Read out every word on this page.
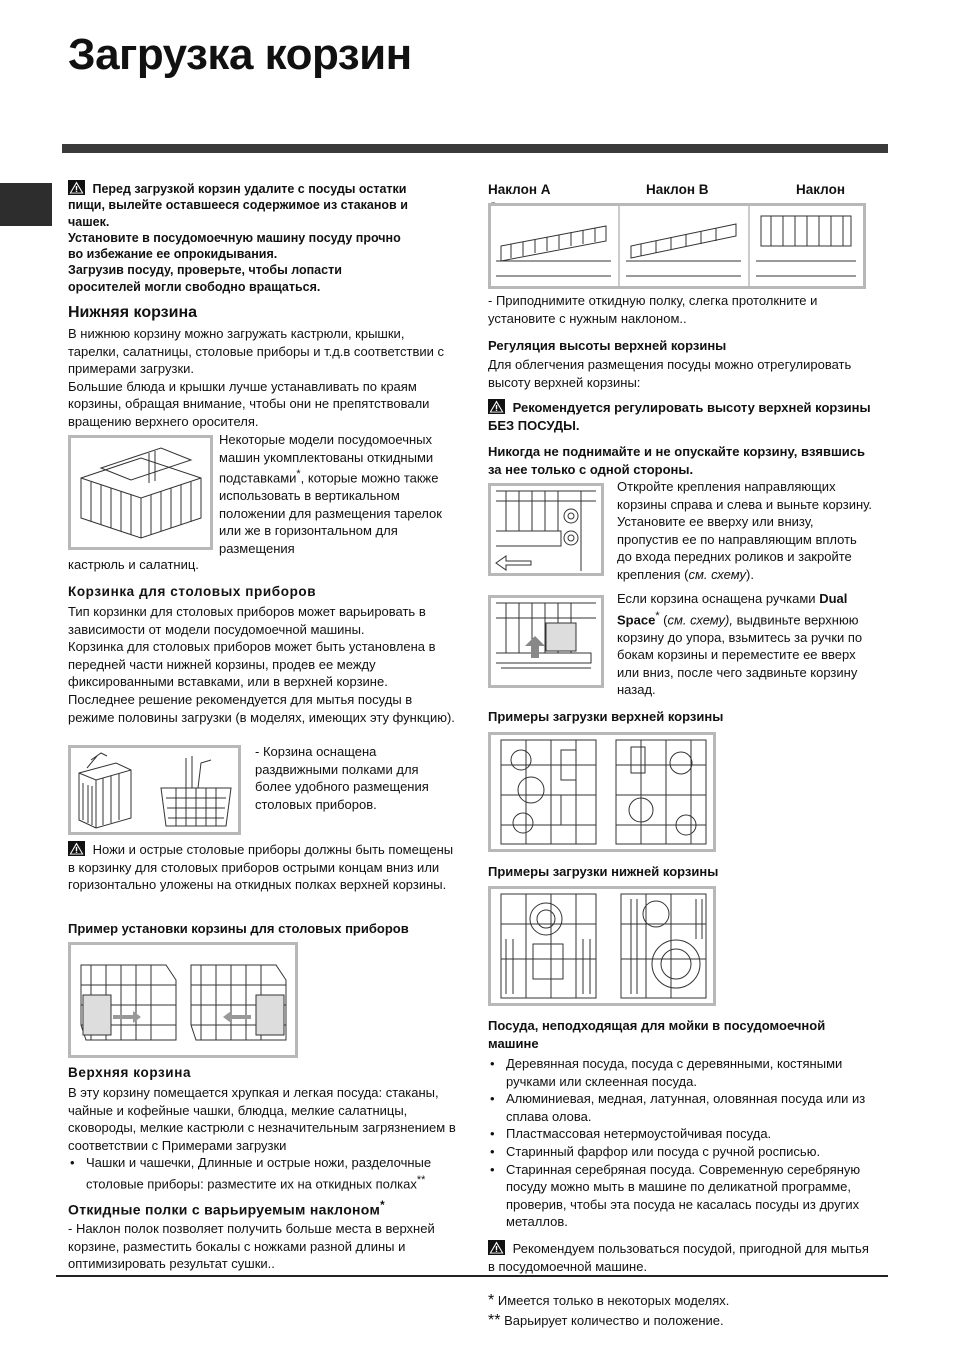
Загрузка корзин
Перед загрузкой корзин удалите с посуды остатки
пищи, вылейте оставшееся содержимое из стаканов и
чашек.
Установите в посудомоечную машину посуду прочно
во избежание ее опрокидывания.
Загрузив посуду, проверьте, чтобы лопасти
оросителей могли свободно вращаться.
Нижняя корзина

В нижнюю корзину можно загружать кастрюли, крышки, тарелки, салатницы, столовые приборы и т.д.в соответствии с примерами загрузки.

Большие блюда и крышки лучше устанавливать по краям корзины, обращая внимание, чтобы они не препятствовали вращению верхнего оросителя.

Некоторые модели посудомоечных машин укомплектованы откидными подставками*, которые можно также использовать в вертикальном положении для размещения тарелок или же в горизонтальном для размещения
кастрюль и салатниц.
Корзинка для столовых приборов

Тип корзинки для столовых приборов может варьировать в зависимости от модели посудомоечной машины.

Корзинка для столовых приборов может быть установлена в передней части нижней корзины, продев ее между фиксированными вставками, или в верхней корзине. Последнее решение рекомендуется для мытья посуды в режиме половины загрузки (в моделях, имеющих эту функцию).

- Корзина оснащена раздвижными полками для более удобного размещения столовых приборов.
Ножи и острые столовые приборы должны быть помещены в корзинку для столовых приборов острыми концам вниз или горизонтально уложены на откидных полках верхней корзины.
Пример установки корзины для столовых приборов
Верхняя корзина
В эту корзину помещается хрупкая и легкая посуда: стаканы, чайные и кофейные чашки, блюдца, мелкие салатницы, сковороды, мелкие кастрюли с незначительным загрязнением в соответствии с Примерами загрузки
• Чашки и чашечки, Длинные и острые ножи, разделочные столовые приборы: разместите их на откидных полках**
Откидные полки с варьируемым наклоном*
- Наклон полок позволяет получить больше места в верхней корзине, разместить бокалы с ножками разной длины и оптимизировать результат сушки..
Наклон А	Наклон В	Наклон
- Приподнимите откидную полку, слегка протолкните и установите с нужным наклоном..
Регуляция высоты верхней корзины
Для облегчения размещения посуды можно отрегулировать высоту верхней корзины:
Рекомендуется регулировать высоту верхней корзины БЕЗ ПОСУДЫ.
Никогда не поднимайте и не опускайте корзину, взявшись за нее только с одной стороны.
Откройте крепления направляющих корзины справа и слева и выньте корзину. Установите ее вверху или внизу, пропустив ее по направляющим вплоть до входа передних роликов и закройте крепления (см. схему).
Если корзина оснащена ручками Dual Space* (см. схему), выдвиньте верхнюю корзину до упора, взьмитесь за ручки по бокам корзины и переместите ее вверх или вниз, после чего задвиньте корзину назад.
Примеры загрузки верхней корзины
Примеры загрузки нижней корзины
Посуда, неподходящая для мойки в посудомоечной машине
• Деревянная посуда, посуда с деревянными, костяными ручками или склеенная посуда.
• Алюминиевая, медная, латунная, оловянная посуда или из сплава олова.
• Пластмассовая нетермоустойчивая посуда.
• Старинный фарфор или посуда с ручной росписью.
• Старинная серебряная посуда. Современную серебряную посуду можно мыть в машине по деликатной программе, проверив, чтобы эта посуда не касалась посуды из других металлов.
Рекомендуем пользоваться посудой, пригодной для мытья в посудомоечной машине.
* Имеется только в некоторых моделях.
** Варьирует количество и положение.
